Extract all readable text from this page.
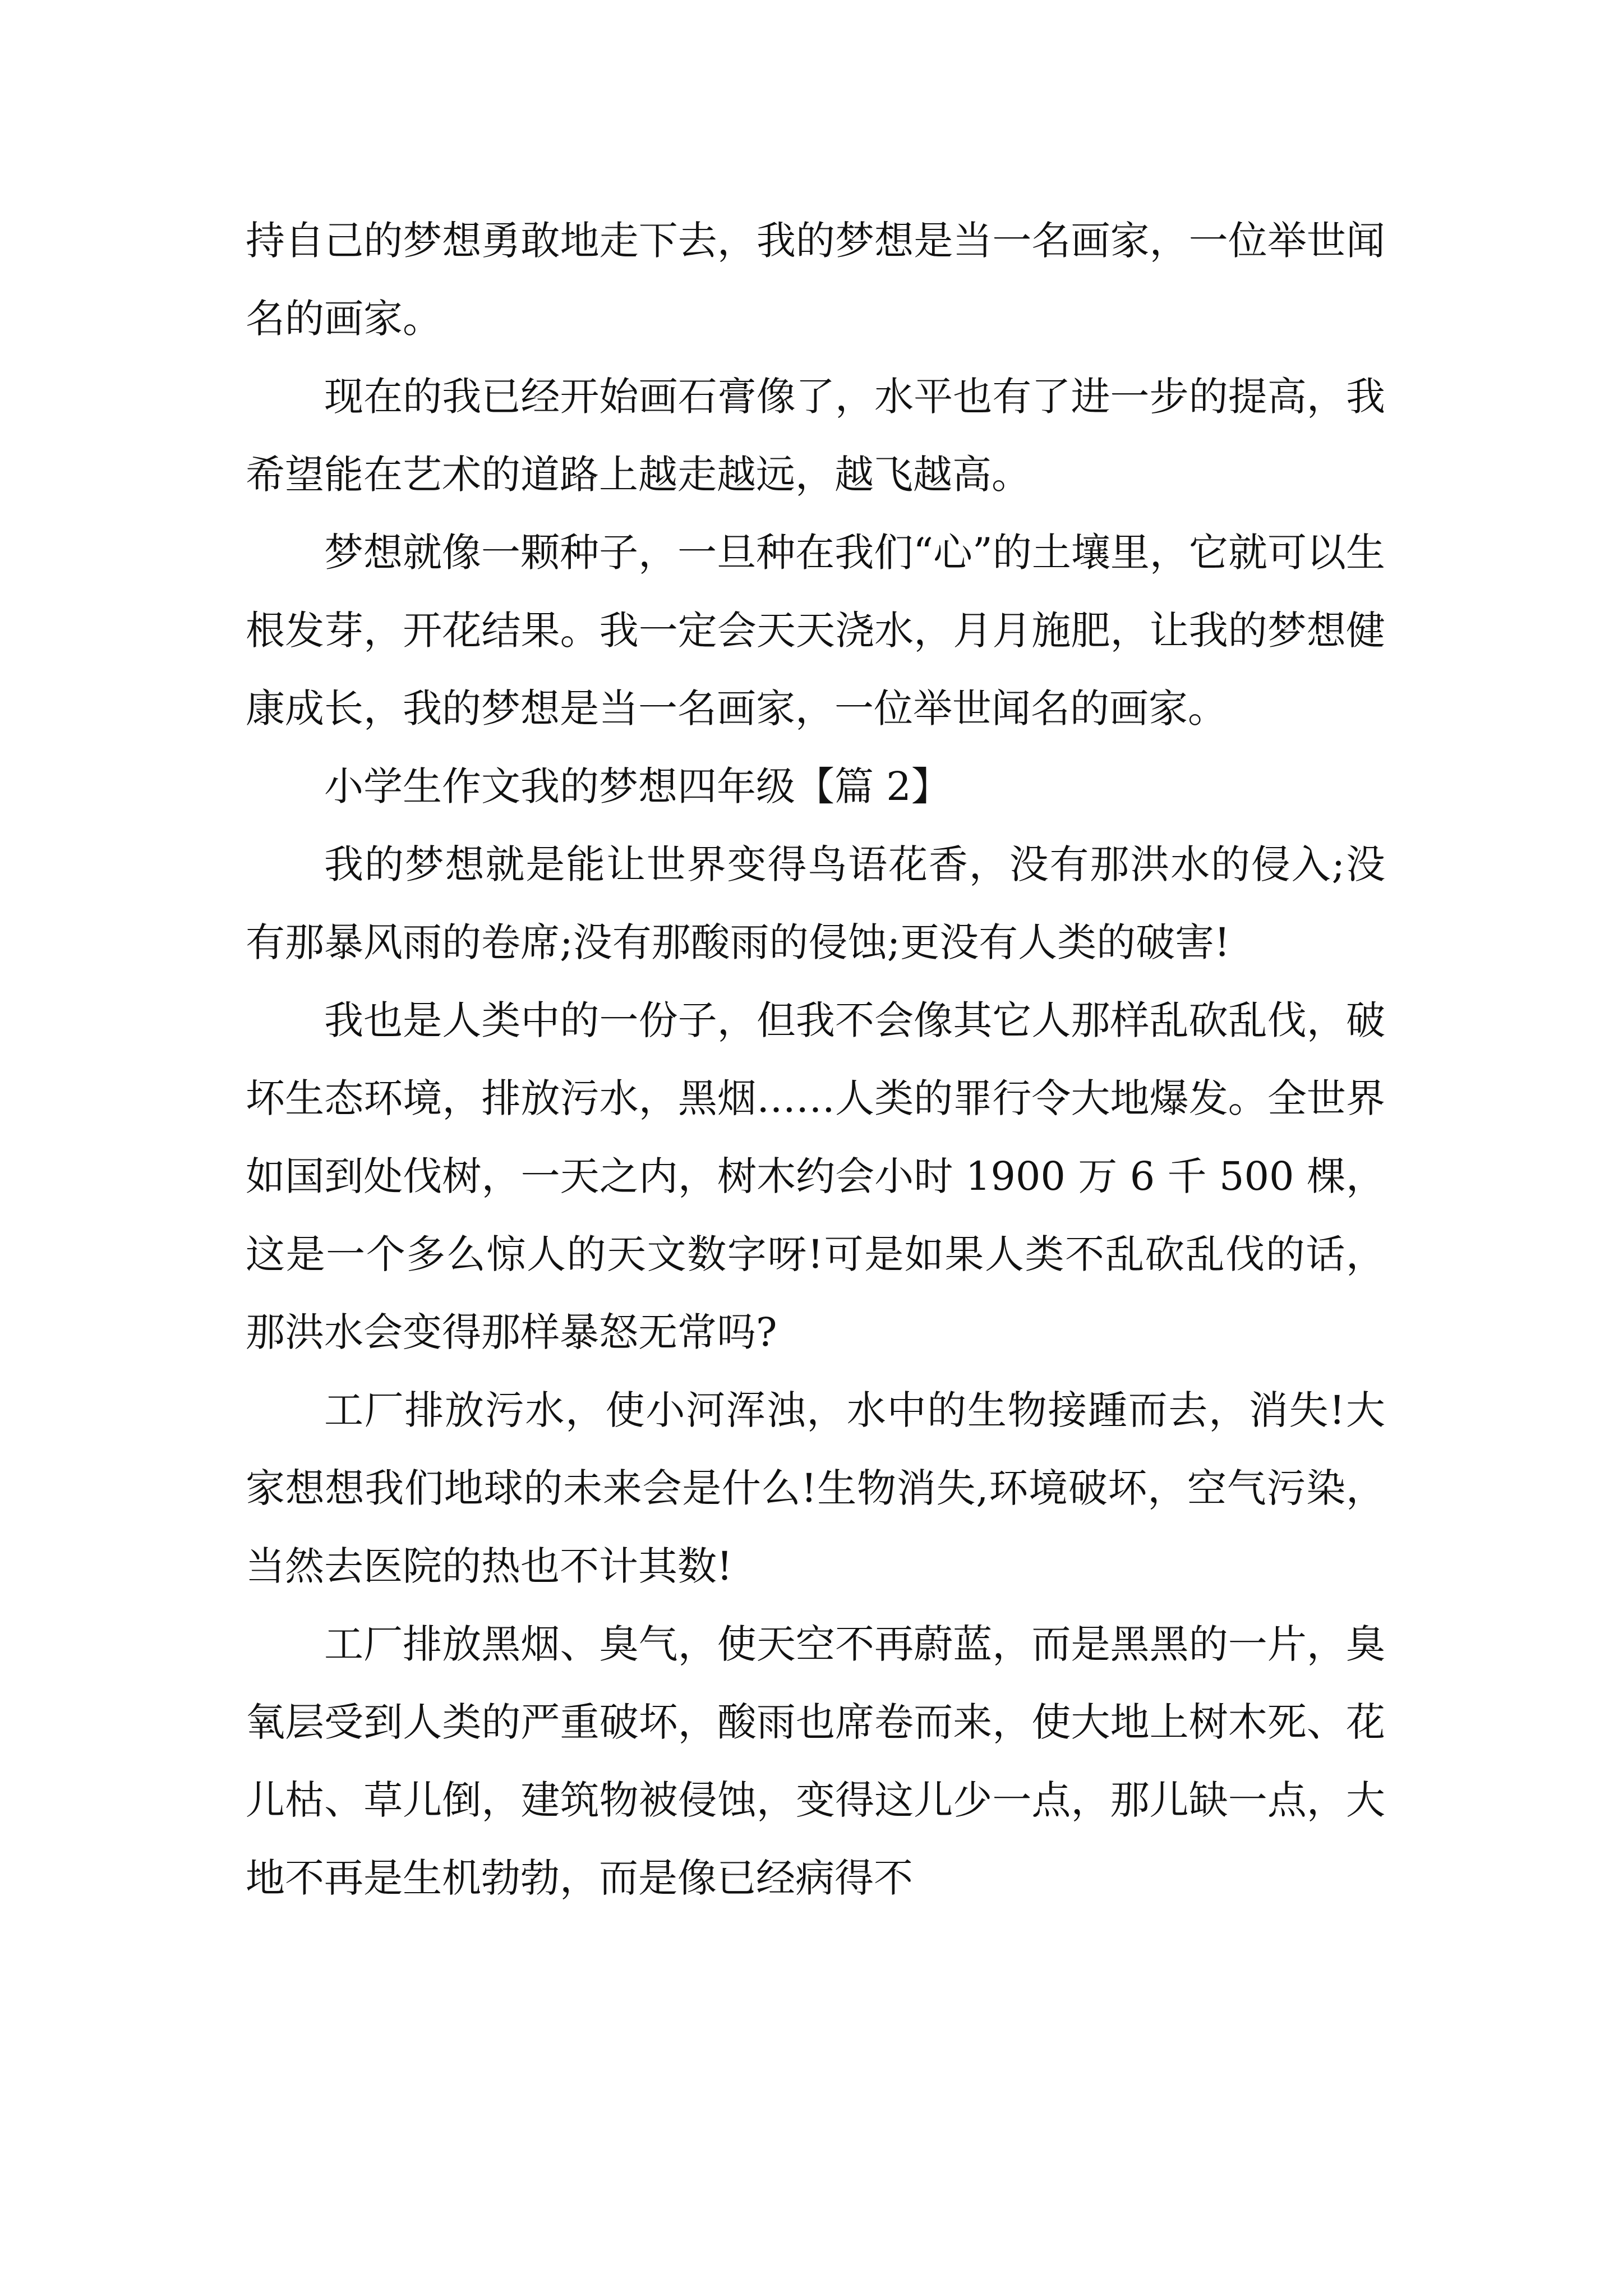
持自己的梦想勇敢地走下去，我的梦想是当一名画家，一位举世闻名的画家。

现在的我已经开始画石膏像了，水平也有了进一步的提高，我希望能在艺术的道路上越走越远，越飞越高。

梦想就像一颗种子，一旦种在我们“心”的土壤里，它就可以生根发芽，开花结果。我一定会天天浇水，月月施肥，让我的梦想健康成长，我的梦想是当一名画家，一位举世闻名的画家。

小学生作文我的梦想四年级【篇 2】

我的梦想就是能让世界变得鸟语花香，没有那洪水的侵入;没有那暴风雨的卷席;没有那酸雨的侵蚀;更没有人类的破害!

我也是人类中的一份子，但我不会像其它人那样乱砍乱伐，破坏生态环境，排放污水，黑烟……人类的罪行令大地爆发。全世界如国到处伐树，一天之内，树木约会小时 1900 万 6 千 500 棵，这是一个多么惊人的天文数字呀!可是如果人类不乱砍乱伐的话，那洪水会变得那样暴怒无常吗?

工厂排放污水，使小河浑浊，水中的生物接踵而去，消失!大家想想我们地球的未来会是什么!生物消失,环境破坏，空气污染，当然去医院的热也不计其数!

工厂排放黑烟、臭气，使天空不再蔚蓝，而是黑黑的一片，臭氧层受到人类的严重破坏，酸雨也席卷而来，使大地上树木死、花儿枯、草儿倒，建筑物被侵蚀，变得这儿少一点，那儿缺一点，大地不再是生机勃勃，而是像已经病得不
